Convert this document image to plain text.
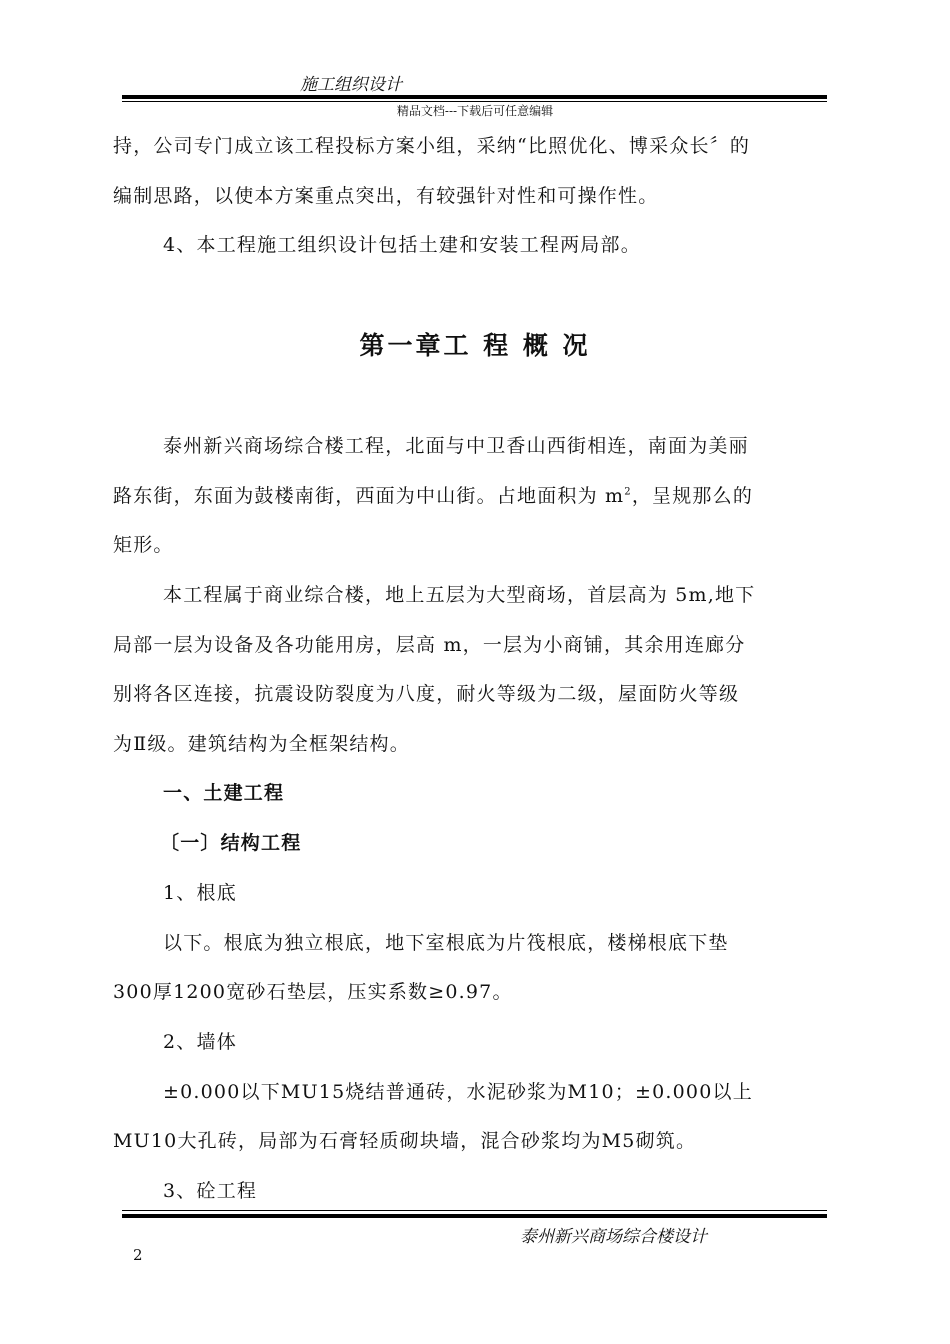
施工组织设计
精品文档---下载后可任意编辑
持，公司专门成立该工程投标方案小组，采纳“比照优化、博采众长〞的
编制思路，以使本方案重点突出，有较强针对性和可操作性。
4、本工程施工组织设计包括土建和安装工程两局部。
第一章工 程 概 况
泰州新兴商场综合楼工程，北面与中卫香山西街相连，南面为美丽
路东街，东面为鼓楼南街，西面为中山街。占地面积为 $m^2$，呈规那么的
矩形。
本工程属于商业综合楼，地上五层为大型商场，首层高为 5m,地下
局部一层为设备及各功能用房，层高 m，一层为小商铺，其余用连廊分
别将各区连接，抗震设防裂度为八度，耐火等级为二级，屋面防火等级
为Ⅱ级。建筑结构为全框架结构。
一、土建工程
〔一〕结构工程
1、根底
以下。根底为独立根底，地下室根底为片筏根底，楼梯根底下垫
300厚1200宽砂石垫层，压实系数≥0.97。
2、墙体
±0.000以下MU15烧结普通砖，水泥砂浆为M10；±0.000以上
MU10大孔砖，局部为石膏轻质砌块墙，混合砂浆均为M5砌筑。
3、砼工程
泰州新兴商场综合楼设计
2
